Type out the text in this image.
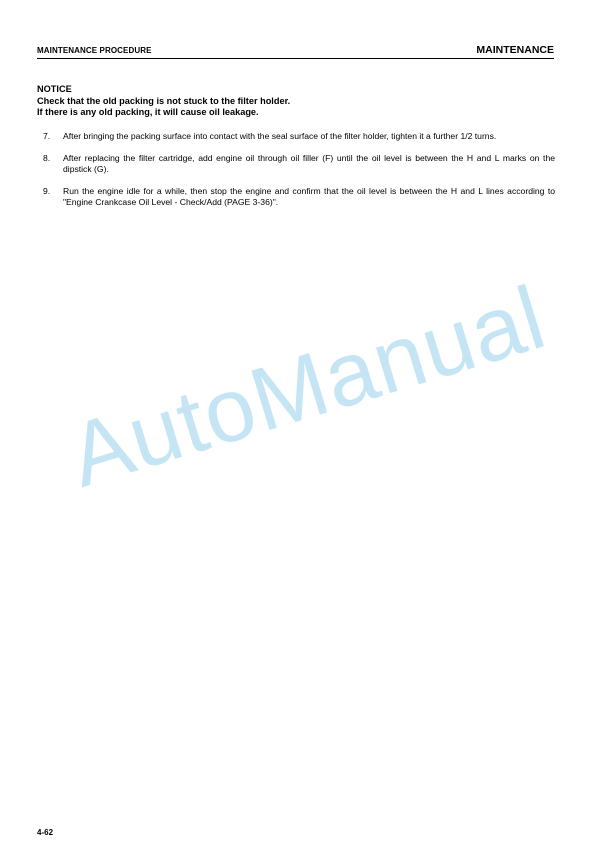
MAINTENANCE PROCEDURE	MAINTENANCE
NOTICE
Check that the old packing is not stuck to the filter holder.
If there is any old packing, it will cause oil leakage.
7. After bringing the packing surface into contact with the seal surface of the filter holder, tighten it a further 1/2 turns.
8. After replacing the filter cartridge, add engine oil through oil filler (F) until the oil level is between the H and L marks on the dipstick (G).
9. Run the engine idle for a while, then stop the engine and confirm that the oil level is between the H and L lines according to "Engine Crankcase Oil Level - Check/Add (PAGE 3-36)".
AutoManual
4-62
